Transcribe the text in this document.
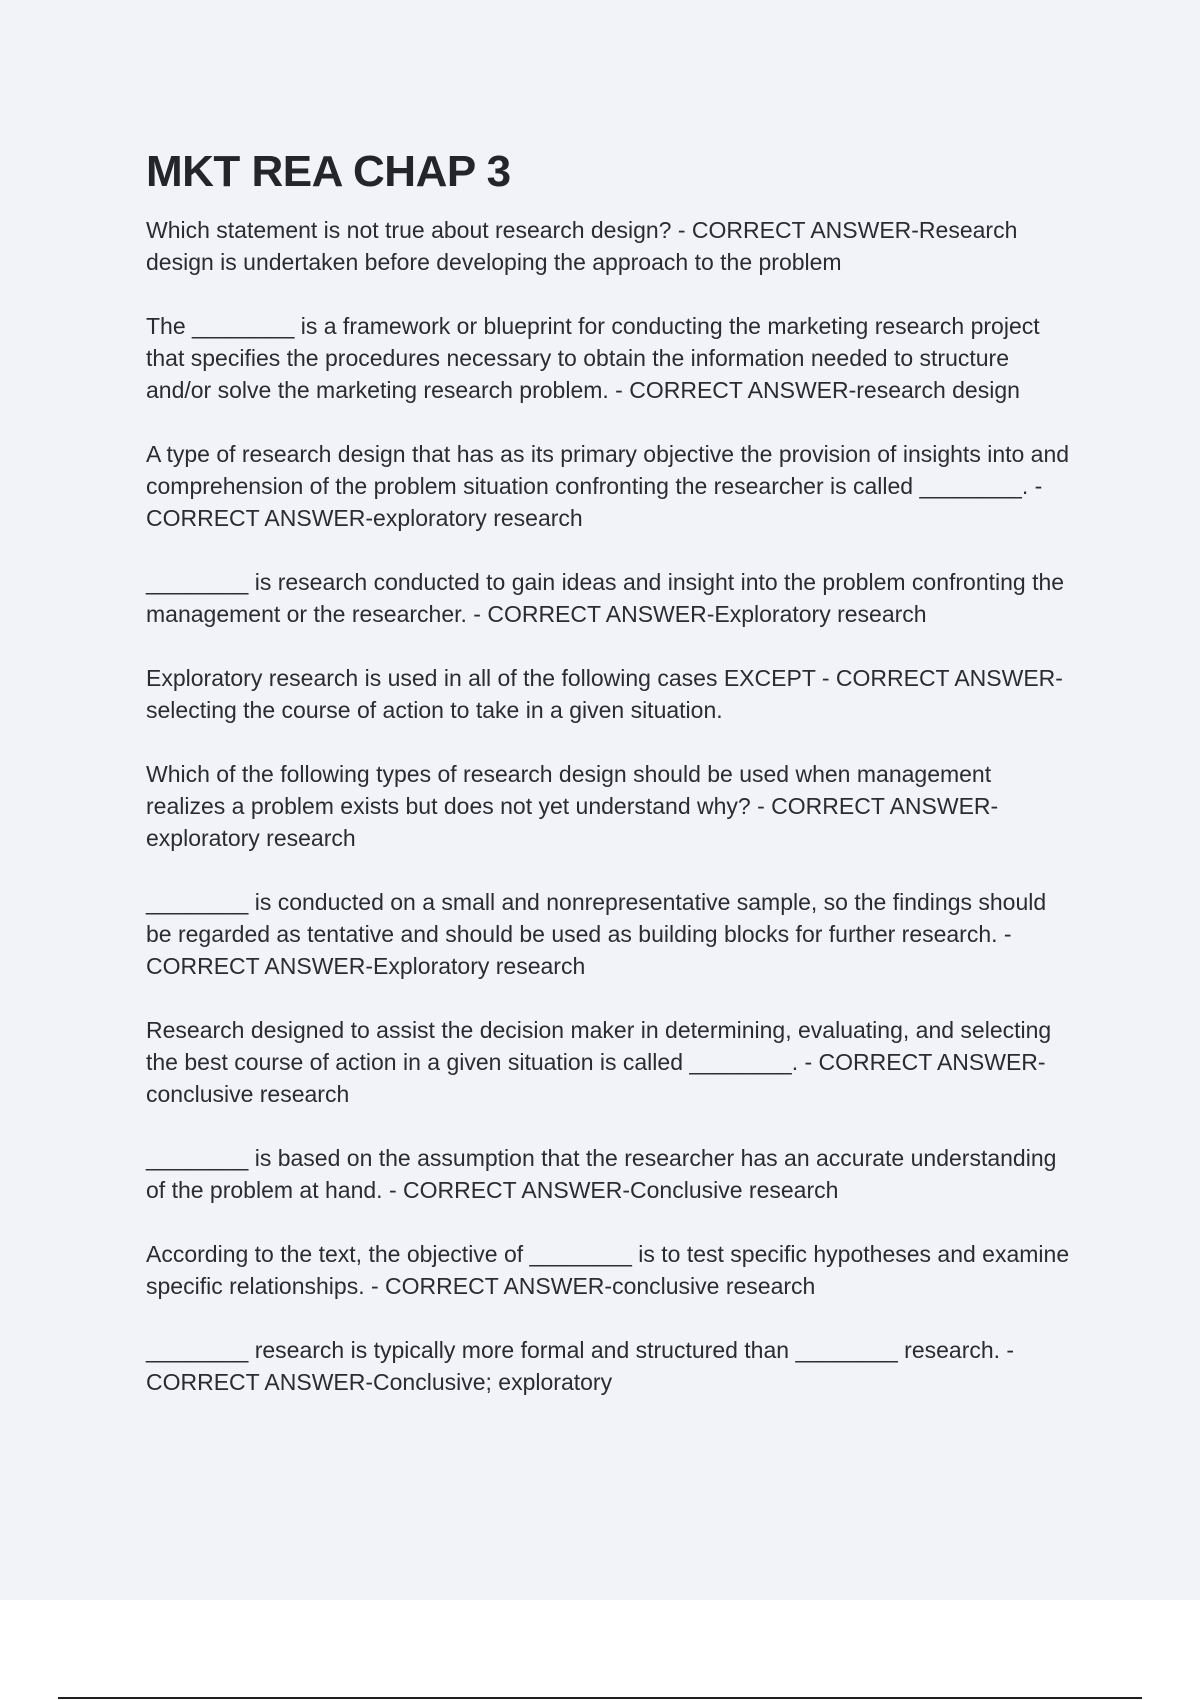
MKT REA CHAP 3

Which statement is not true about research design? - CORRECT ANSWER-Research design is undertaken before developing the approach to the problem

The ________ is a framework or blueprint for conducting the marketing research project that specifies the procedures necessary to obtain the information needed to structure and/or solve the marketing research problem. - CORRECT ANSWER-research design

A type of research design that has as its primary objective the provision of insights into and comprehension of the problem situation confronting the researcher is called ________. - CORRECT ANSWER-exploratory research

________ is research conducted to gain ideas and insight into the problem confronting the management or the researcher. - CORRECT ANSWER-Exploratory research

Exploratory research is used in all of the following cases EXCEPT - CORRECT ANSWER-selecting the course of action to take in a given situation.

Which of the following types of research design should be used when management realizes a problem exists but does not yet understand why? - CORRECT ANSWER-exploratory research

________ is conducted on a small and nonrepresentative sample, so the findings should be regarded as tentative and should be used as building blocks for further research. - CORRECT ANSWER-Exploratory research

Research designed to assist the decision maker in determining, evaluating, and selecting the best course of action in a given situation is called ________. - CORRECT ANSWER-conclusive research

________ is based on the assumption that the researcher has an accurate understanding of the problem at hand. - CORRECT ANSWER-Conclusive research

According to the text, the objective of ________ is to test specific hypotheses and examine specific relationships. - CORRECT ANSWER-conclusive research

________ research is typically more formal and structured than ________ research. - CORRECT ANSWER-Conclusive; exploratory
